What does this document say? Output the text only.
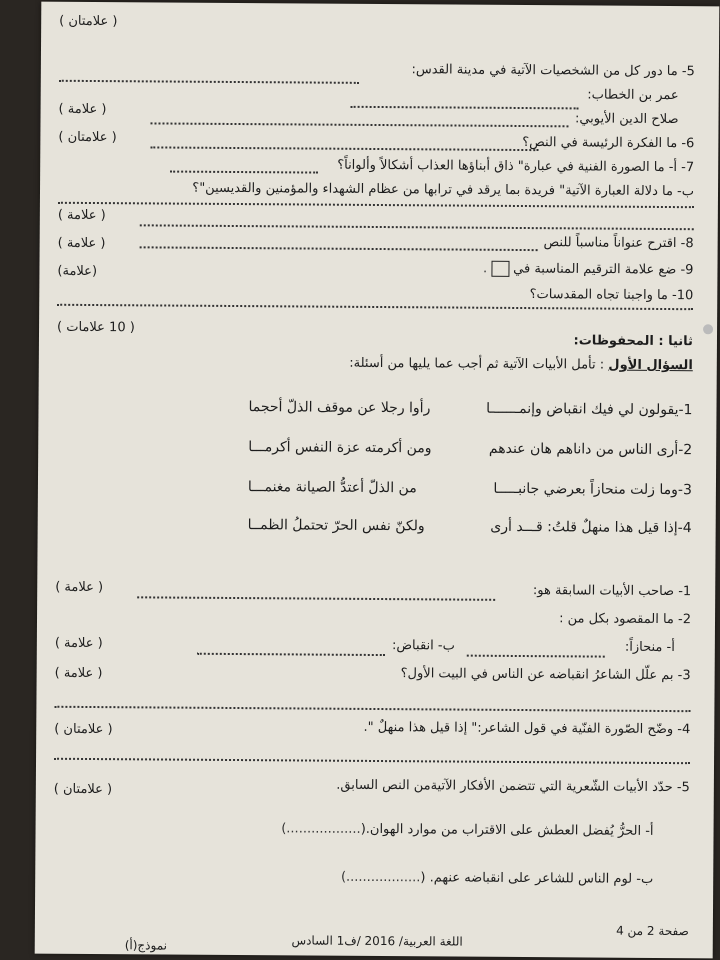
( علامتان )
5- ما دور كل من الشخصيات الآتية في مدينة القدس:
عمر بن الخطاب:
صلاح الدين الأيوبي:
( علامة )
6- ما الفكرة الرئيسة في النص؟
( علامتان )
7- أ- ما الصورة الفنية في عبارة" ذاق أبناؤها العذاب أشكالاً وألواناً؟
ب- ما دلالة العبارة الآتية" فريدة بما يرقد في ترابها من عظام الشهداء والمؤمنين والقديسين"؟
( علامة )
8- اقترح عنواناً مناسباً للنص
( علامة )
9- ضع علامة الترقيم المناسبة في.
(علامة)
10- ما واجبنا تجاه المقدسات؟
ثانيا : المحفوظات:
( 10 علامات )
السؤال الأول : تأمل الأبيات الآتية ثم أجب عما يليها من أسئلة:
1-يقولون لي فيك انقباض وإنمـــــــا
رأوا رجلا عن موقف الذلّ أحجما
2-أرى الناس من داناهم هان عندهم
ومن أكرمته عزة النفس أكرمـــا
3-وما زلت منحازاً بعرضي جانبـــــا
من الذلّ أعتدُّ الصيانة مغنمـــا
4-إذا قيل هذا منهلٌ قلتُ: قـــد أرى
ولكنّ نفس الحرّ تحتملُ الظمــا
1- صاحب الأبيات السابقة هو:
( علامة )
2- ما المقصود بكل من :
أ- منحازاً:
ب- انقباض:
( علامة )
3- بم علّل الشاعرُ انقباضه عن الناس في البيت الأول؟
( علامة )
4- وضّح الصّورة الفنّية في قول الشاعر:" إذا قيل هذا منهلٌ ".
( علامتان )
5- حدّد الأبيات الشّعرية التي تتضمن الأفكار الآتيةمن النص السابق.
( علامتان )
أ- الحرُّ يُفضل العطش على الاقتراب من موارد الهوان.(..................)
ب- لوم الناس للشاعر على انقباضه عنهم. (..................)
صفحة 2 من 4
اللغة العربية/ 2016 /ف1 السادس
نموذج(أ)
